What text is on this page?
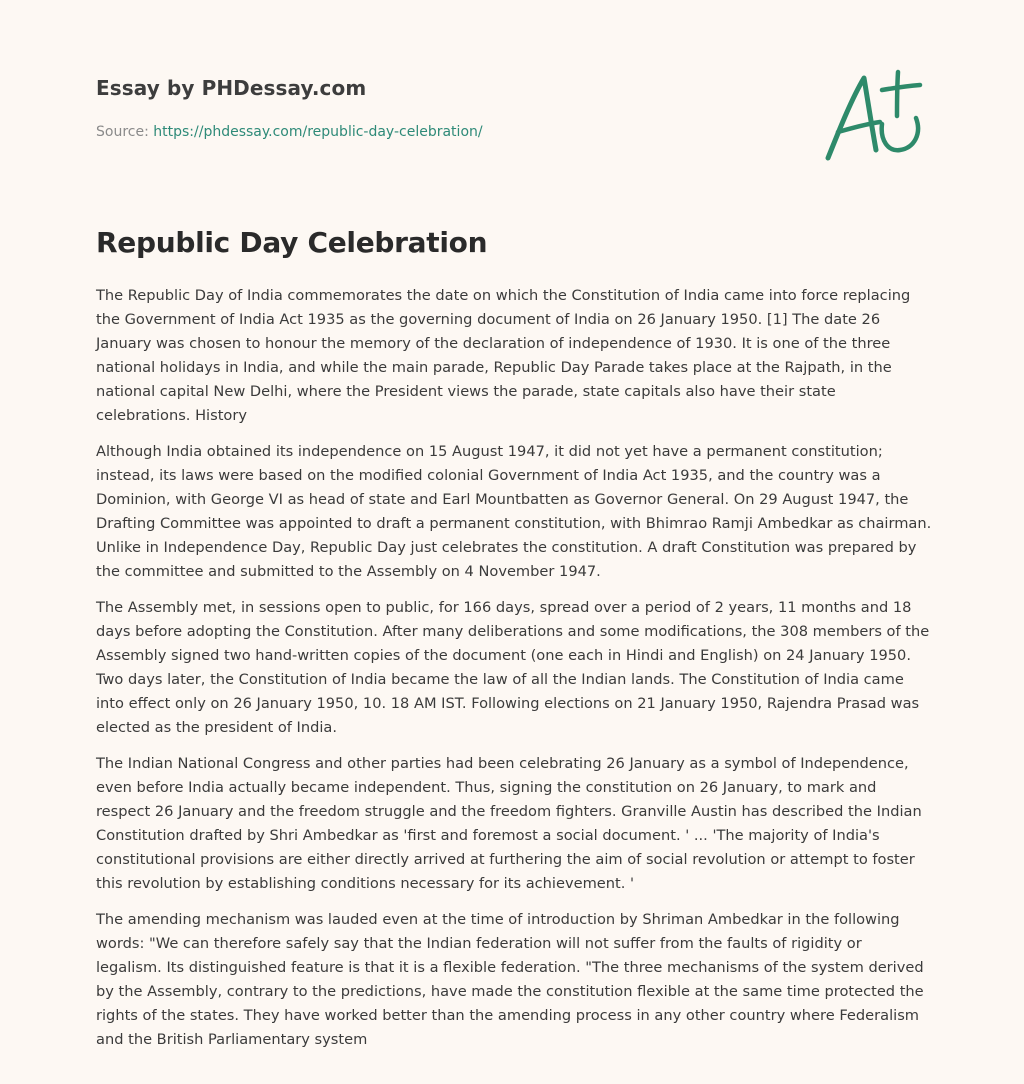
Essay by PHDessay.com
Source: https://phdessay.com/republic-day-celebration/
Republic Day Celebration

The Republic Day of India commemorates the date on which the Constitution of India came into force replacing the Government of India Act 1935 as the governing document of India on 26 January 1950. [1] The date 26 January was chosen to honour the memory of the declaration of independence of 1930. It is one of the three national holidays in India, and while the main parade, Republic Day Parade takes place at the Rajpath, in the national capital New Delhi, where the President views the parade, state capitals also have their state celebrations. History

Although India obtained its independence on 15 August 1947, it did not yet have a permanent constitution; instead, its laws were based on the modified colonial Government of India Act 1935, and the country was a Dominion, with George VI as head of state and Earl Mountbatten as Governor General. On 29 August 1947, the Drafting Committee was appointed to draft a permanent constitution, with Bhimrao Ramji Ambedkar as chairman. Unlike in Independence Day, Republic Day just celebrates the constitution. A draft Constitution was prepared by the committee and submitted to the Assembly on 4 November 1947.

The Assembly met, in sessions open to public, for 166 days, spread over a period of 2 years, 11 months and 18 days before adopting the Constitution. After many deliberations and some modifications, the 308 members of the Assembly signed two hand-written copies of the document (one each in Hindi and English) on 24 January 1950. Two days later, the Constitution of India became the law of all the Indian lands. The Constitution of India came into effect only on 26 January 1950, 10. 18 AM IST. Following elections on 21 January 1950, Rajendra Prasad was elected as the president of India.

The Indian National Congress and other parties had been celebrating 26 January as a symbol of Independence, even before India actually became independent. Thus, signing the constitution on 26 January, to mark and respect 26 January and the freedom struggle and the freedom fighters. Granville Austin has described the Indian Constitution drafted by Shri Ambedkar as 'first and foremost a social document. ' ... 'The majority of India's constitutional provisions are either directly arrived at furthering the aim of social revolution or attempt to foster this revolution by establishing conditions necessary for its achievement. '

The amending mechanism was lauded even at the time of introduction by Shriman Ambedkar in the following words: "We can therefore safely say that the Indian federation will not suffer from the faults of rigidity or legalism. Its distinguished feature is that it is a flexible federation. "The three mechanisms of the system derived by the Assembly, contrary to the predictions, have made the constitution flexible at the same time protected the rights of the states. They have worked better than the amending process in any other country where Federalism and the British Parliamentary system
